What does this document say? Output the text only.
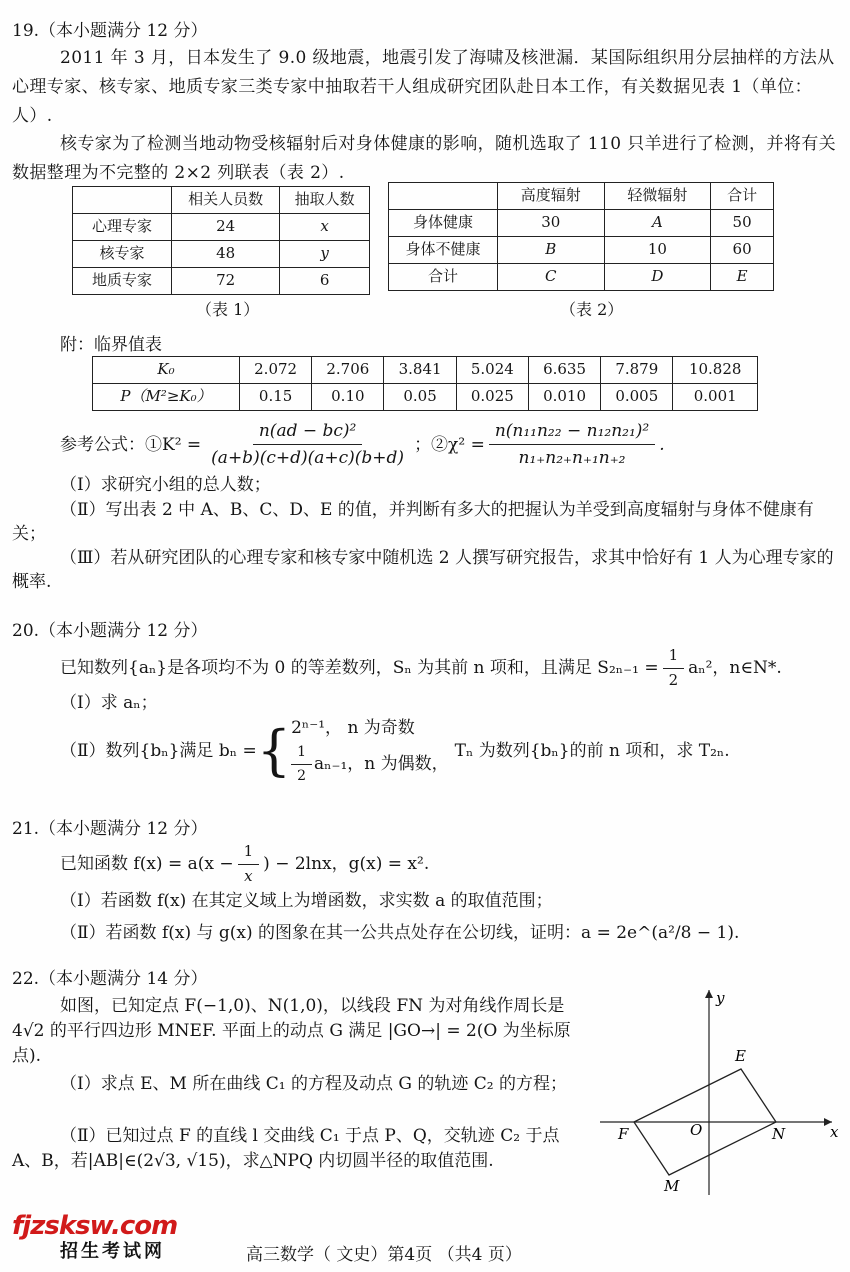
19.（本小题满分 12 分）
2011 年 3 月，日本发生了 9.0 级地震，地震引发了海啸及核泄漏．某国际组织用分层抽样的方法从心理专家、核专家、地质专家三类专家中抽取若干人组成研究团队赴日本工作，有关数据见表 1（单位：人）.
核专家为了检测当地动物受核辐射后对身体健康的影响，随机选取了 110 只羊进行了检测，并将有关数据整理为不完整的 2×2 列联表（表 2）.
	相关人员数	抽取人数
心理专家	24	x
核专家	48	y
地质专家	72	6
（表 1）
	高度辐射	轻微辐射	合计
身体健康	30	A	50
身体不健康	B	10	60
合计	C	D	E
（表 2）
附：临界值表
K₀	2.072	2.706	3.841	5.024	6.635	7.879	10.828
P（M²≥K₀）	0.15	0.10	0.05	0.025	0.010	0.005	0.001
参考公式：①K² = $\frac{\text{n(ad − bc)²}}{(a+b)(c+d)(a+c)(b+d)}$ ；②χ² = $\frac{\text{n(n₁₁n₂₂ − n₁₂n₂₁)²}}{\text{n₁₊n₂₊n₊₁n₊₂}}$ .
（Ⅰ）求研究小组的总人数；
（Ⅱ）写出表 2 中 A、B、C、D、E 的值，并判断有多大的把握认为羊受到高度辐射与身体不健康有关；
（Ⅲ）若从研究团队的心理专家和核专家中随机选 2 人撰写研究报告，求其中恰好有 1 人为心理专家的概率.
20.（本小题满分 12 分）
已知数列{aₙ}是各项均不为 0 的等差数列，Sₙ 为其前 n 项和，且满足 $S_{2n-1} = \frac{1}{2} a_n^2$，n∈N*.
（Ⅰ）求 aₙ；
（Ⅱ）数列{bₙ}满足 bₙ = { 2ⁿ⁻¹， n 为奇数
$\frac{1}{2} a_{n-1}$，n 为偶数，
Tₙ 为数列{bₙ}的前 n 项和，求 T₂ₙ.
21.（本小题满分 12 分）
已知函数 $f(x) = a(x - \frac{1}{x}$ ) − 2lnx，g(x) = x².
（Ⅰ）若函数 f(x) 在其定义域上为增函数，求实数 a 的取值范围；
（Ⅱ）若函数 f(x) 与 g(x) 的图象在其一公共点处存在公切线，证明：a = 2e^(a²/8 − 1).
22.（本小题满分 14 分）
如图，已知定点 F(−1,0)、N(1,0)，以线段 FN 为对角线作周长是 4√2 的平行四边形 MNEF. 平面上的动点 G 满足 |GO→| = 2(O 为坐标原点).
（Ⅰ）求点 E、M 所在曲线 C₁ 的方程及动点 G 的轨迹 C₂ 的方程；
（Ⅱ）已知过点 F 的直线 l 交曲线 C₁ 于点 P、Q，交轨迹 C₂ 于点 A、B，若|AB|∈(2√3, √15)，求△NPQ 内切圆半径的取值范围.
y
x
E
O
F	N
M
fjzsksw.com
招生考试网	高三数学（ 文史）第4页 （共4 页）
